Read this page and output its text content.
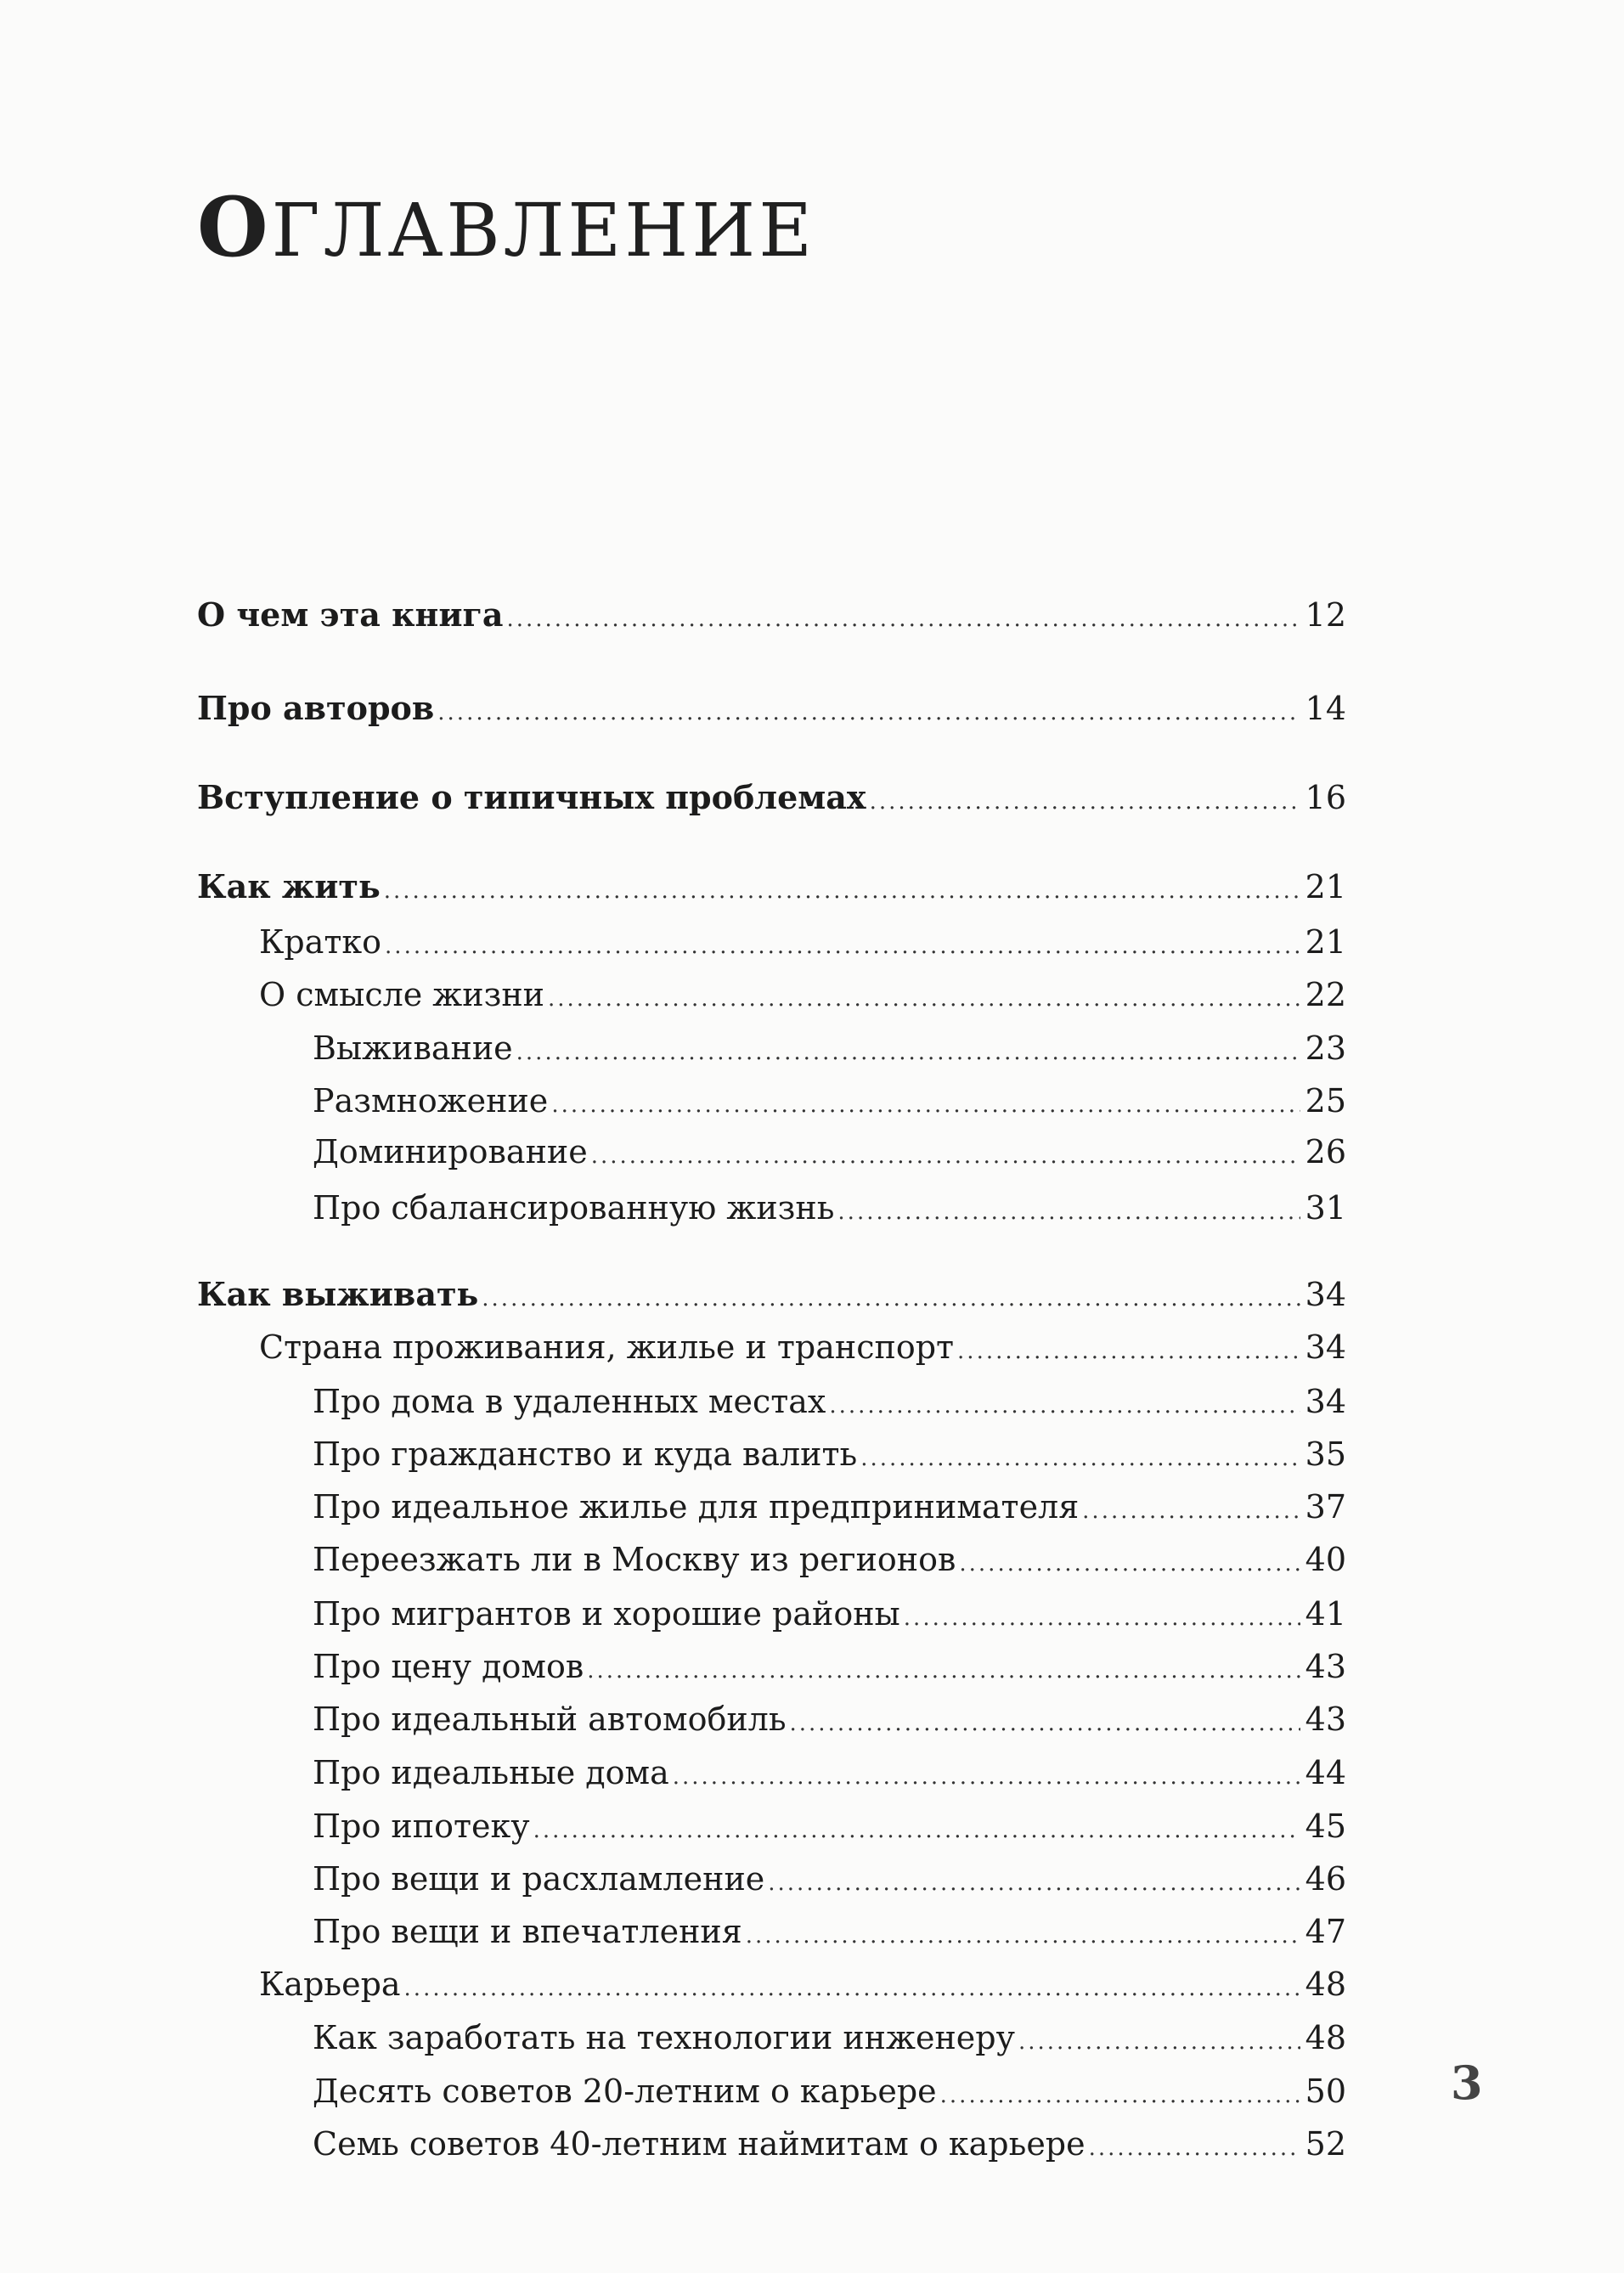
ОГЛАВЛЕНИЕ
О чем эта книга .....	12
Про авторов .....	14
Вступление о типичных проблемах .....	16
Как жить .....	21
Кратко .....	21
О смысле жизни .....	22
Выживание .....	23
Размножение .....	25
Доминирование .....	26
Про сбалансированную жизнь .....	31
Как выживать .....	34
Страна проживания, жилье и транспорт .....	34
Про дома в удаленных местах .....	34
Про гражданство и куда валить .....	35
Про идеальное жилье для предпринимателя .....	37
Переезжать ли в Москву из регионов .....	40
Про мигрантов и хорошие районы .....	41
Про цену домов .....	43
Про идеальный автомобиль .....	43
Про идеальные дома .....	44
Про ипотеку .....	45
Про вещи и расхламление .....	46
Про вещи и впечатления .....	47
Карьера .....	48
Как заработать на технологии инженеру .....	48
Десять советов 20-летним о карьере .....	50
Семь советов 40-летним наймитам о карьере .....	52
3
